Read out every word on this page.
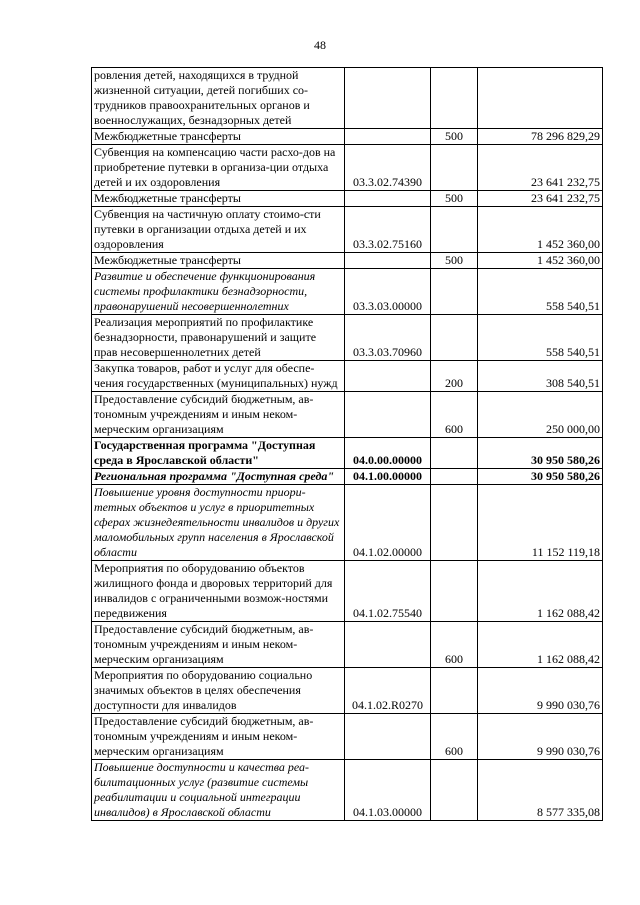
48
ровления детей, находящихся в трудной жизненной ситуации, детей погибших со-трудников правоохранительных органов и военнослужащих, безнадзорных детей			
Межбюджетные трансферты		500	78 296 829,29
Субвенция на компенсацию части расхо-дов на приобретение путевки в организа-ции отдыха детей и их оздоровления	03.3.02.74390		23 641 232,75
Межбюджетные трансферты		500	23 641 232,75
Субвенция на частичную оплату стоимо-сти путевки в организации отдыха детей и их оздоровления	03.3.02.75160		1 452 360,00
Межбюджетные трансферты		500	1 452 360,00
Развитие и обеспечение функционирования системы профилактики безнадзорности, правонарушений несовершеннолетних	03.3.03.00000		558 540,51
Реализация мероприятий по профилактике безнадзорности, правонарушений и защите прав несовершеннолетних детей	03.3.03.70960		558 540,51
Закупка товаров, работ и услуг для обеспе-чения государственных (муниципальных) нужд		200	308 540,51
Предоставление субсидий бюджетным, ав-тономным учреждениям и иным неком-мерческим организациям		600	250 000,00
Государственная программа "Доступная среда в Ярославской области"	04.0.00.00000		30 950 580,26
Региональная программа "Доступная среда"	04.1.00.00000		30 950 580,26
Повышение уровня доступности приори-тетных объектов и услуг в приоритетных сферах жизнедеятельности инвалидов и других маломобильных групп населения в Ярославской области	04.1.02.00000		11 152 119,18
Мероприятия по оборудованию объектов жилищного фонда и дворовых территорий для инвалидов с ограниченными возмож-ностями передвижения	04.1.02.75540		1 162 088,42
Предоставление субсидий бюджетным, ав-тономным учреждениям и иным неком-мерческим организациям		600	1 162 088,42
Мероприятия по оборудованию социально значимых объектов в целях обеспечения доступности для инвалидов	04.1.02.R0270		9 990 030,76
Предоставление субсидий бюджетным, ав-тономным учреждениям и иным неком-мерческим организациям		600	9 990 030,76
Повышение доступности и качества реа-билитационных услуг (развитие системы реабилитации и социальной интеграции инвалидов) в Ярославской области	04.1.03.00000		8 577 335,08
